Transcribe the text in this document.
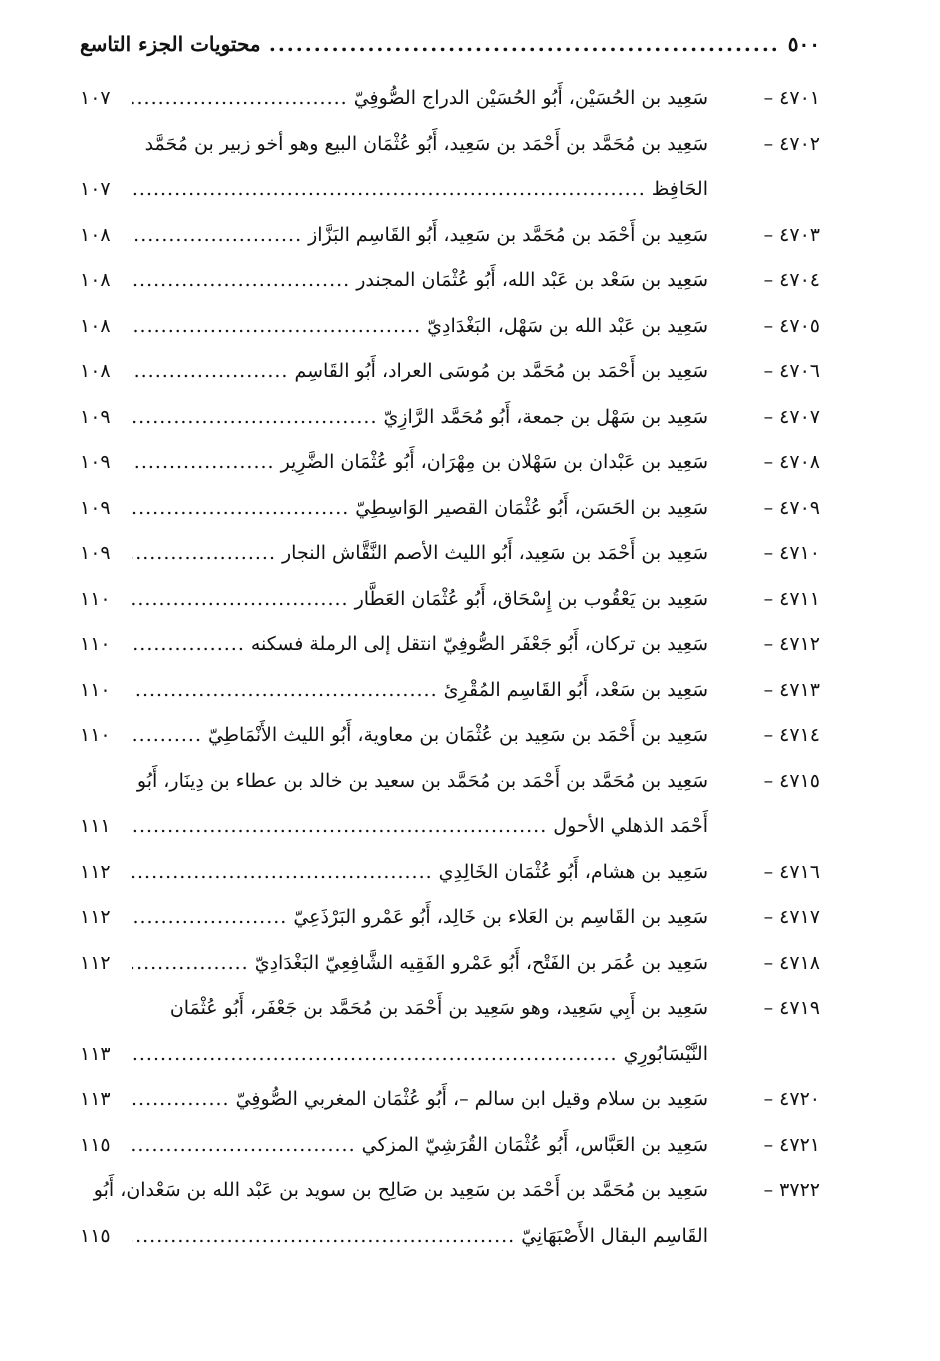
٥٠٠
..... .....
محتويات الجزء التاسع
٤٧٠١ –
سَعِيد بن الحُسَيْن، أَبُو الحُسَيْن الدراج الصُّوفِيّ
.....
١٠٧
٤٧٠٢ –
سَعِيد بن مُحَمَّد بن أَحْمَد بن سَعِيد، أَبُو عُثْمَان البيع وهو أخو زبير بن مُحَمَّد
الحَافِظ
.....
١٠٧
٤٧٠٣ –
سَعِيد بن أَحْمَد بن مُحَمَّد بن سَعِيد، أَبُو القَاسِم البَزَّاز
.....
١٠٨
٤٧٠٤ –
سَعِيد بن سَعْد بن عَبْد الله، أَبُو عُثْمَان المجندر
.....
١٠٨
٤٧٠٥ –
سَعِيد بن عَبْد الله بن سَهْل، البَغْدَادِيّ
.....
١٠٨
٤٧٠٦ –
سَعِيد بن أَحْمَد بن مُحَمَّد بن مُوسَى العراد، أَبُو القَاسِم
.....
١٠٨
٤٧٠٧ –
سَعِيد بن سَهْل بن جمعة، أَبُو مُحَمَّد الرَّازِيّ
.....
١٠٩
٤٧٠٨ –
سَعِيد بن عَبْدان بن سَهْلان بن مِهْرَان، أَبُو عُثْمَان الضَّرِير
.....
١٠٩
٤٧٠٩ –
سَعِيد بن الحَسَن، أَبُو عُثْمَان القصير الوَاسِطِيّ
.....
١٠٩
٤٧١٠ –
سَعِيد بن أَحْمَد بن سَعِيد، أَبُو الليث الأصم النَّقَّاش النجار
.....
١٠٩
٤٧١١ –
سَعِيد بن يَعْقُوب بن إِسْحَاق، أَبُو عُثْمَان العَطَّار
.....
١١٠
٤٧١٢ –
سَعِيد بن تركان، أَبُو جَعْفَر الصُّوفِيّ انتقل إلى الرملة فسكنه
.....
١١٠
٤٧١٣ –
سَعِيد بن سَعْد، أَبُو القَاسِم المُقْرِئ
.....
١١٠
٤٧١٤ –
سَعِيد بن أَحْمَد بن سَعِيد بن عُثْمَان بن معاوية، أَبُو الليث الأَنْمَاطِيّ
.....
١١٠
٤٧١٥ –
سَعِيد بن مُحَمَّد بن أَحْمَد بن مُحَمَّد بن سعيد بن خالد بن عطاء بن دِينَار، أَبُو
أَحْمَد الذهلي الأحول
.....
١١١
٤٧١٦ –
سَعِيد بن هشام، أَبُو عُثْمَان الخَالِدِي
.....
١١٢
٤٧١٧ –
سَعِيد بن القَاسِم بن العَلاء بن خَالِد، أَبُو عَمْرو البَرْذَعِيّ
.....
١١٢
٤٧١٨ –
سَعِيد بن عُمَر بن الفَتْح، أَبُو عَمْرو الفَقِيه الشَّافِعِيّ البَغْدَادِيّ
.....
١١٢
٤٧١٩ –
سَعِيد بن أَبِي سَعِيد، وهو سَعِيد بن أَحْمَد بن مُحَمَّد بن جَعْفَر، أَبُو عُثْمَان
النَّيْسَابُورِي
.....
١١٣
٤٧٢٠ –
سَعِيد بن سلام وقيل ابن سالم –، أَبُو عُثْمَان المغربي الصُّوفِيّ
.....
١١٣
٤٧٢١ –
سَعِيد بن العَبَّاس، أَبُو عُثْمَان القُرَشِيّ المزكي
.....
١١٥
٣٧٢٢ –
سَعِيد بن مُحَمَّد بن أَحْمَد بن سَعِيد بن صَالِح بن سويد بن عَبْد الله بن سَعْدان، أَبُو
القَاسِم البقال الأَصْبَهَانِيّ
.....
١١٥
